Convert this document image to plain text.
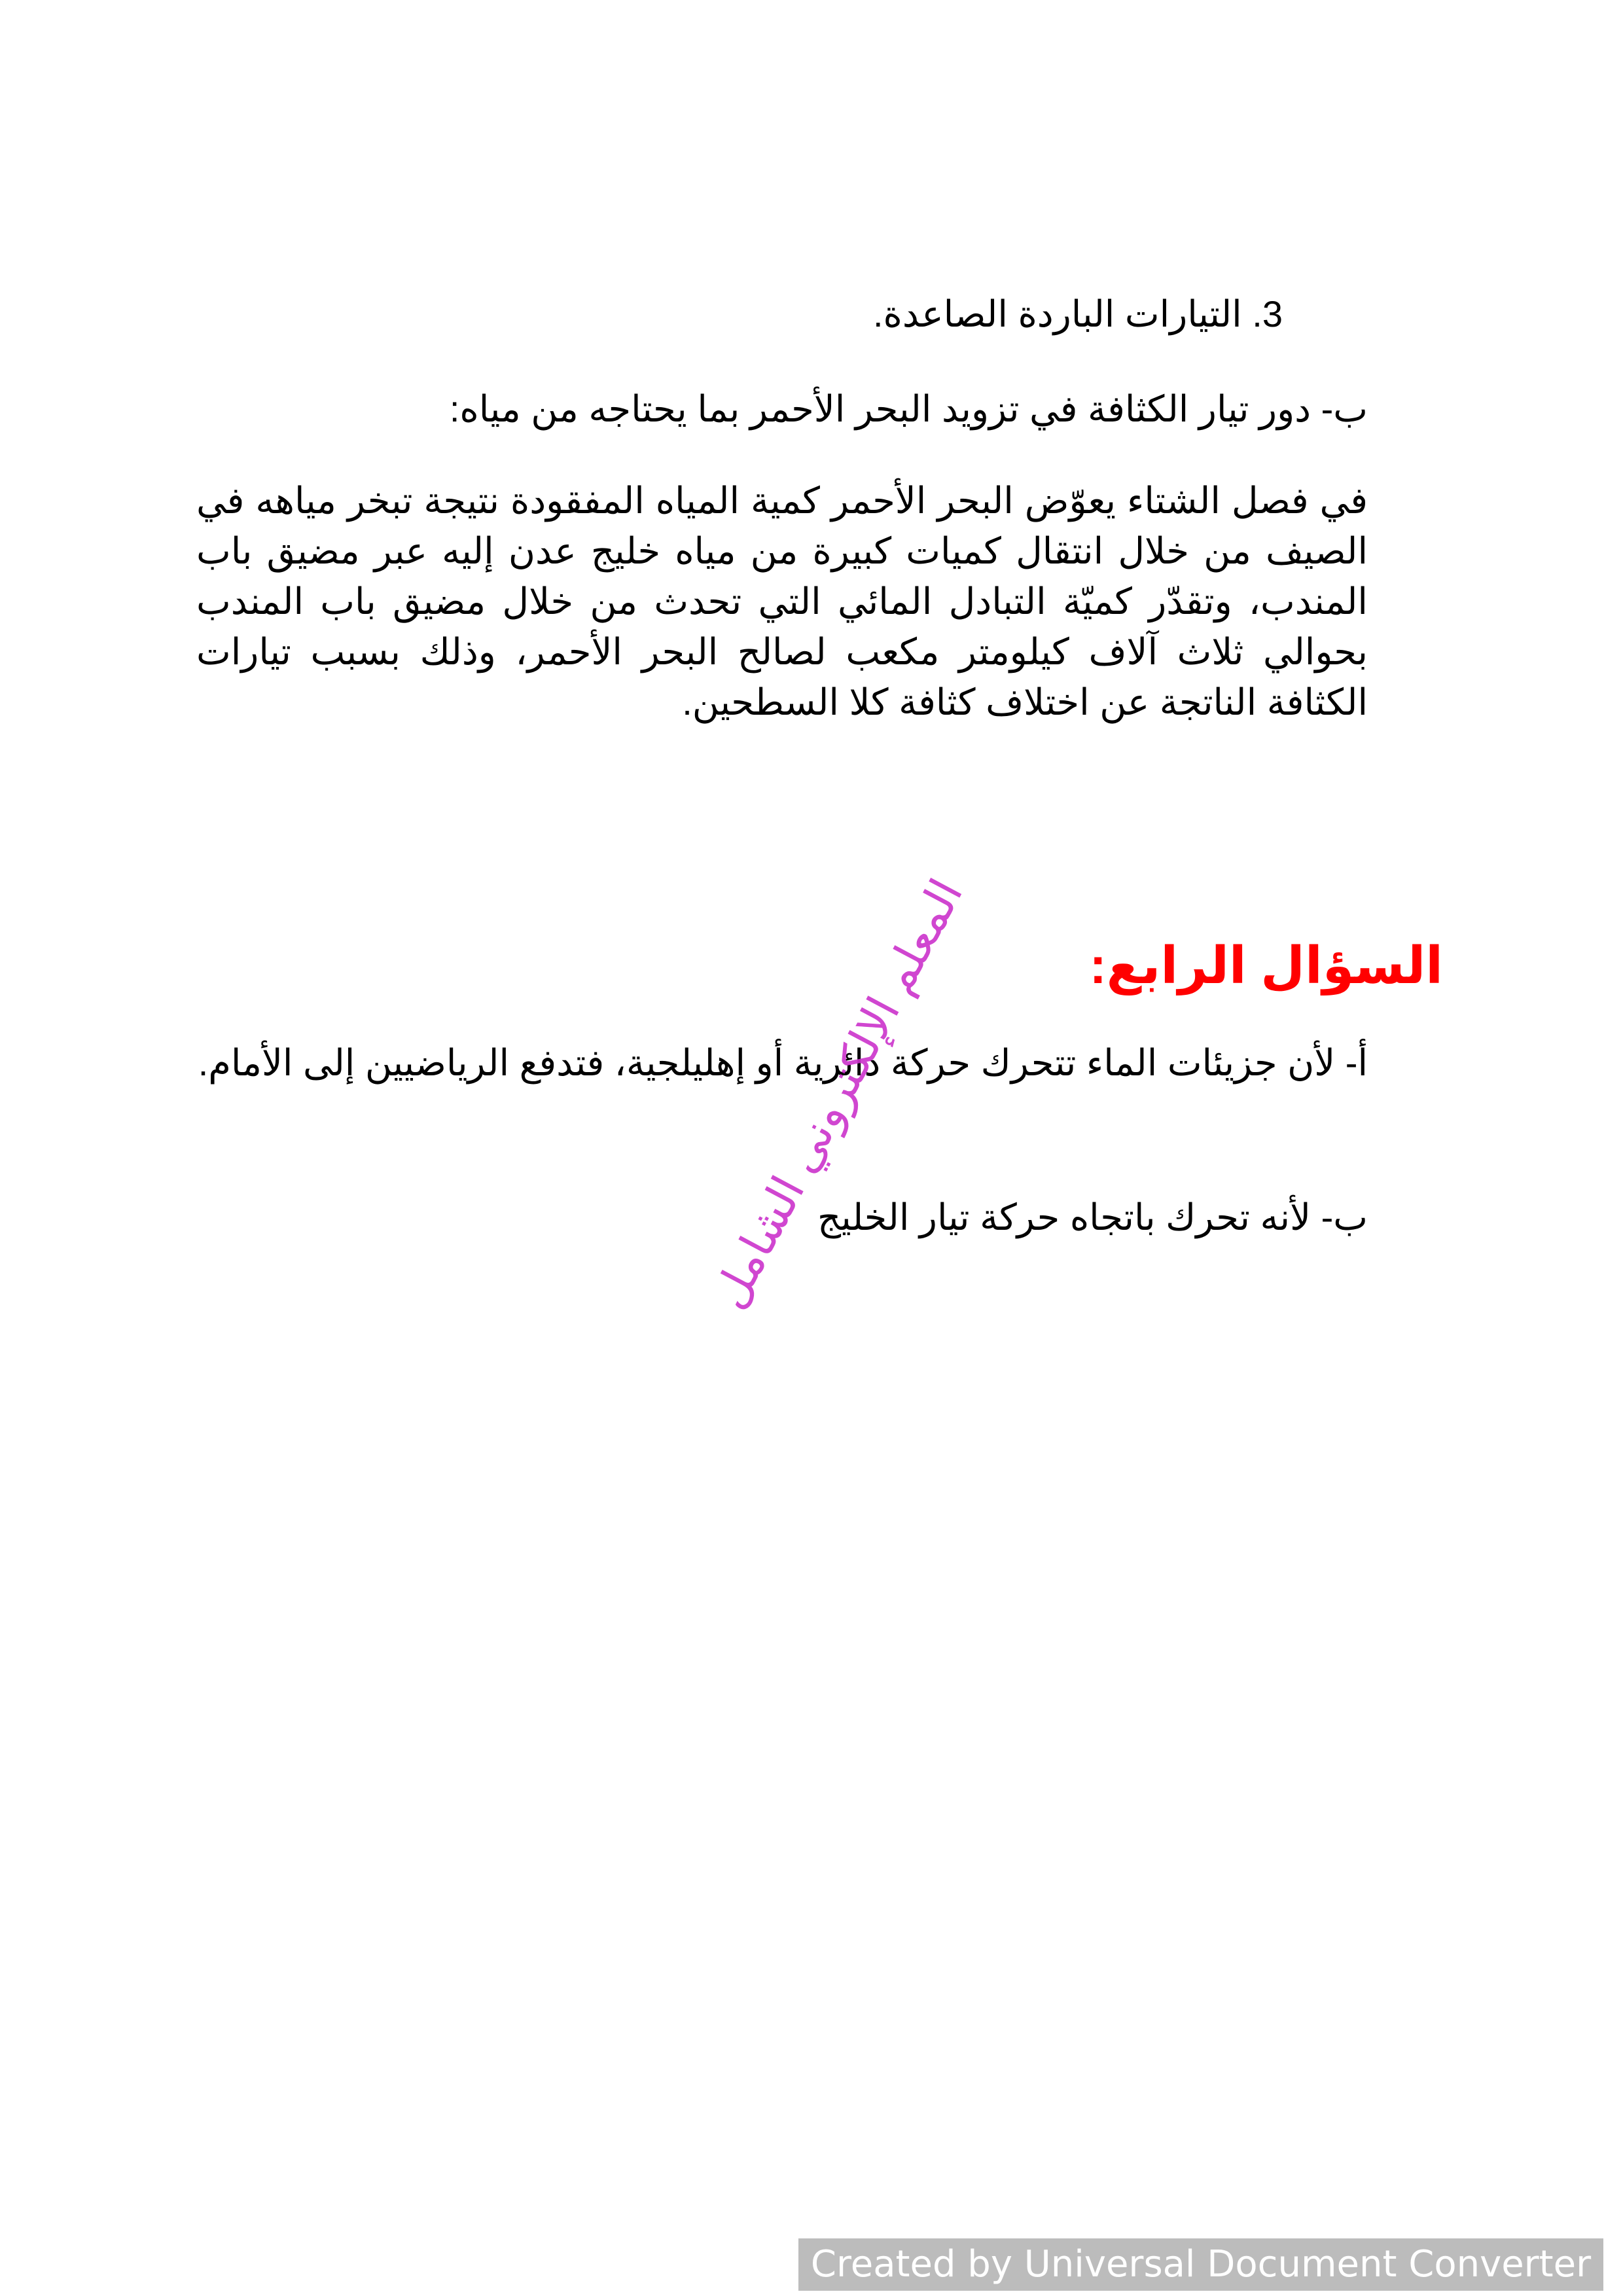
3. التيارات الباردة الصاعدة.
ب- دور تيار الكثافة في تزويد البحر الأحمر بما يحتاجه من مياه:
في فصل الشتاء يعوّض البحر الأحمر كمية المياه المفقودة نتيجة تبخر مياهه في الصيف من خلال انتقال كميات كبيرة من مياه خليج عدن إليه عبر مضيق باب المندب، وتقدّر كميّة التبادل المائي التي تحدث من خلال مضيق باب المندب بحوالي ثلاث آلاف كيلومتر مكعب لصالح البحر الأحمر، وذلك بسبب تيارات الكثافة الناتجة عن اختلاف كثافة كلا السطحين.
السؤال الرابع:
أ- لأن جزيئات الماء تتحرك حركة دائرية أو إهليلجية، فتدفع الرياضيين إلى الأمام.
ب- لأنه تحرك باتجاه حركة تيار الخليج
المعلم الإلكتروني الشامل
Created by Universal Document Converter
